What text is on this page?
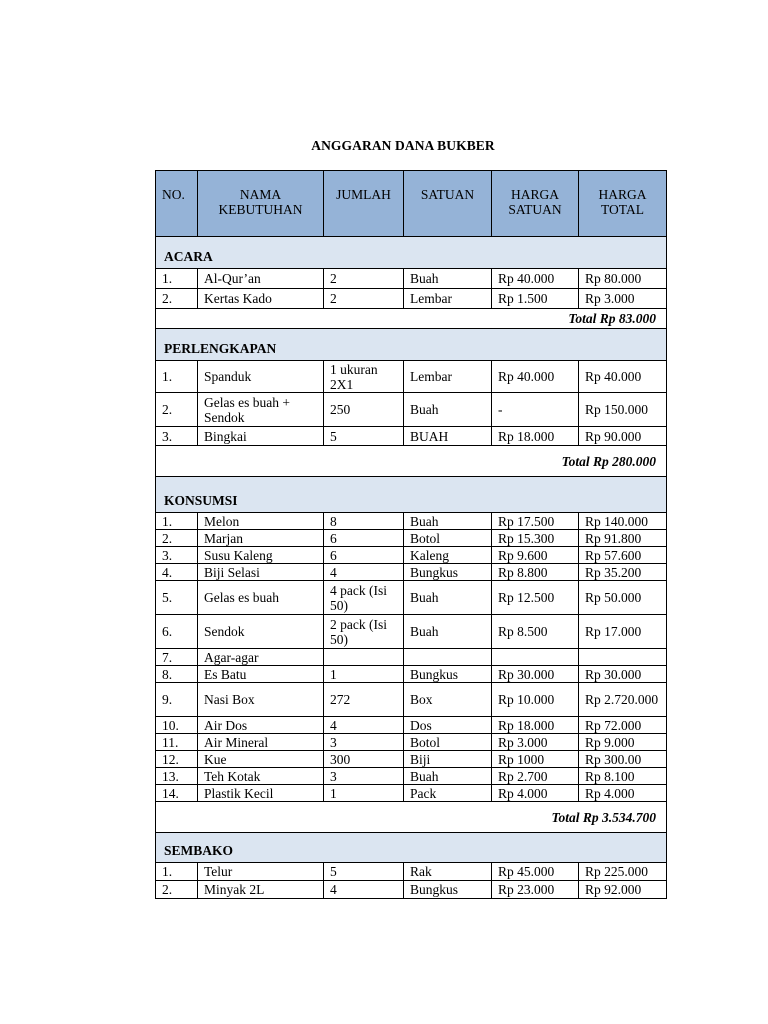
ANGGARAN DANA BUKBER
NO.	NAMA KEBUTUHAN	JUMLAH	SATUAN	HARGA SATUAN	HARGA TOTAL
ACARA					
1.	Al-Qur’an	2	Buah	Rp 40.000	Rp 80.000
2.	Kertas Kado	2	Lembar	Rp 1.500	Rp 3.000
Total Rp 83.000					
PERLENGKAPAN					
1.	Spanduk	1 ukuran 2X1	Lembar	Rp 40.000	Rp 40.000
2.	Gelas es buah + Sendok	250	Buah	-	Rp 150.000
3.	Bingkai	5	BUAH	Rp 18.000	Rp 90.000
Total Rp 280.000					
KONSUMSI					
1.	Melon	8	Buah	Rp 17.500	Rp 140.000
2.	Marjan	6	Botol	Rp 15.300	Rp 91.800
3.	Susu Kaleng	6	Kaleng	Rp 9.600	Rp 57.600
4.	Biji Selasi	4	Bungkus	Rp 8.800	Rp 35.200
5.	Gelas es buah	4 pack (Isi 50)	Buah	Rp 12.500	Rp 50.000
6.	Sendok	2 pack (Isi 50)	Buah	Rp 8.500	Rp 17.000
7.	Agar-agar				
8.	Es Batu	1	Bungkus	Rp 30.000	Rp 30.000
9.	Nasi Box	272	Box	Rp 10.000	Rp 2.720.000
10.	Air Dos	4	Dos	Rp 18.000	Rp 72.000
11.	Air Mineral	3	Botol	Rp 3.000	Rp 9.000
12.	Kue	300	Biji	Rp 1000	Rp 300.00
13.	Teh Kotak	3	Buah	Rp 2.700	Rp 8.100
14.	Plastik Kecil	1	Pack	Rp 4.000	Rp 4.000
Total Rp 3.534.700					
SEMBAKO					
1.	Telur	5	Rak	Rp 45.000	Rp 225.000
2.	Minyak 2L	4	Bungkus	Rp 23.000	Rp 92.000
